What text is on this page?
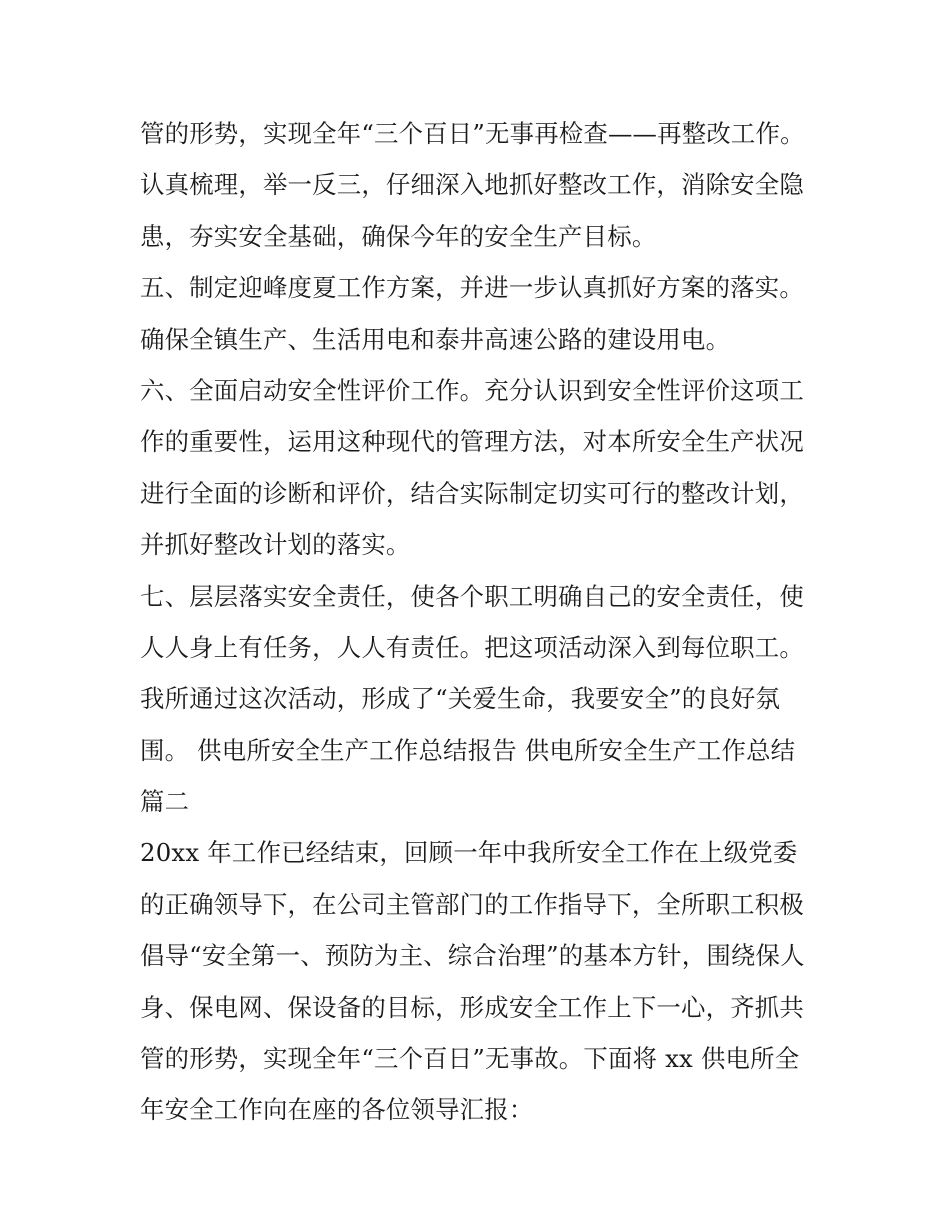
管的形势，实现全年“三个百日”无事再检查——再整改工作。
认真梳理，举一反三，仔细深入地抓好整改工作，消除安全隐
患，夯实安全基础，确保今年的安全生产目标。
五、制定迎峰度夏工作方案，并进一步认真抓好方案的落实。
确保全镇生产、生活用电和泰井高速公路的建设用电。
六、全面启动安全性评价工作。充分认识到安全性评价这项工
作的重要性，运用这种现代的管理方法，对本所安全生产状况
进行全面的诊断和评价，结合实际制定切实可行的整改计划，
并抓好整改计划的落实。
七、层层落实安全责任，使各个职工明确自己的安全责任，使
人人身上有任务，人人有责任。把这项活动深入到每位职工。
我所通过这次活动，形成了“关爱生命，我要安全”的良好氛
围。 供电所安全生产工作总结报告 供电所安全生产工作总结
篇二
20xx 年工作已经结束，回顾一年中我所安全工作在上级党委
的正确领导下，在公司主管部门的工作指导下，全所职工积极
倡导“安全第一、预防为主、综合治理”的基本方针，围绕保人
身、保电网、保设备的目标，形成安全工作上下一心，齐抓共
管的形势，实现全年“三个百日”无事故。下面将 xx 供电所全
年安全工作向在座的各位领导汇报：
